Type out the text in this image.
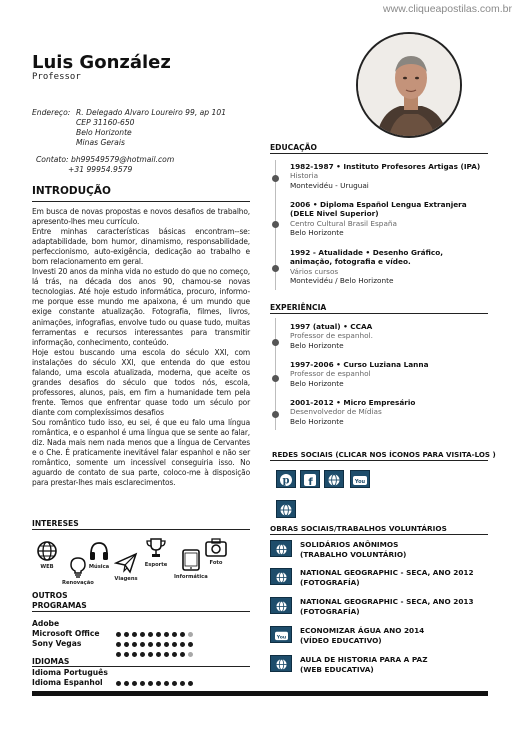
www.cliqueapostilas.com.br
Luis González
Professor
Endereço: R. Delegado Alvaro Loureiro 99, ap 101
CEP 31160-650
Belo Horizonte
Minas Gerais
Contato: bh99549579@hotmail.com
+31 99954.9579
INTRODUÇÃO

Em busca de novas propostas e novos desafios de trabalho, apresento-lhes meu currículo.

Entre minhas características básicas encontram--se: adaptabilidade, bom humor, dinamismo, responsabilidade, perfeccionismo, auto-exigência, dedicação ao trabalho e bom relacionamento em geral.

Investi 20 anos da minha vida no estudo do que no começo, lá trás, na década dos anos 90, chamou-se novas tecnologias. Até hoje estudo informática, procuro, informo-me porque esse mundo me apaixona, é um mundo que exige constante atualização. Fotografia, filmes, livros, animações, infografias, envolve tudo ou quase tudo, muitas ferramentas e recursos interessantes para transmitir informação, conhecimento, conteúdo.

Hoje estou buscando uma escola do século XXI, com instalações do século XXI, que entenda do que estou falando, uma escola atualizada, moderna, que aceite os grandes desafios do século que todos nós, escola, professores, alunos, pais, em fim a humanidade tem pela frente. Temos que enfrentar quase todo um século por diante com complexíssimos desafios

Sou romântico tudo isso, eu sei, é que eu falo uma língua romântica, e o espanhol é uma língua que se sente ao falar, diz. Nada mais nem nada menos que a língua de Cervantes e o Che. É praticamente inevitável falar espanhol e não ser romântico, somente um incessível conseguiria isso. No aguardo de contato de sua parte, coloco-me à disposição para prestar-lhes mais esclarecimentos.

INTERESES
WEB
Renovação
Música
Viagens
Esporte
Informática
Foto
OUTROS
PROGRAMAS
Adobe
Microsoft Office
Sony Vegas
IDIOMAS
Idioma Português
Idioma Espanhol
EDUCAÇÃO
1982-1987 • Instituto Profesores Artigas (IPA)
Historia
Montevidéu - Uruguai
2006 • Diploma Español Lengua Extranjera (DELE Nivel Superior)
Centro Cultural Brasil España
Belo Horizonte
1992 - Atualidade • Desenho Gráfico, animação, fotografia e vídeo.
Vários cursos
Montevidéu / Belo Horizonte
EXPERIÊNCIA
1997 (atual) • CCAA
Professor de espanhol.
Belo Horizonte
1997-2006 • Curso Luziana Lanna
Professor de espanhol
Belo Horizonte
2001-2012 • Micro Empresário
Desenvolvedor de Mídias
Belo Horizonte
REDES SOCIAIS (CLICAR NOS ÍCONOS PARA VISITA-LOS )
p f	You
OBRAS SOCIAIS/TRABALHOS VOLUNTÁRIOS
SOLIDÁRIOS ANÔNIMOS
(TRABALHO VOLUNTÁRIO)
NATIONAL GEOGRAPHIC - SECA, ANO 2012
(FOTOGRAFÍA)
NATIONAL GEOGRAPHIC - SECA, ANO 2013
(FOTOGRAFÍA)
You
ECONOMIZAR ÁGUA ANO 2014
(VÍDEO EDUCATIVO)
AULA DE HISTORIA PARA A PAZ
(WEB EDUCATIVA)
